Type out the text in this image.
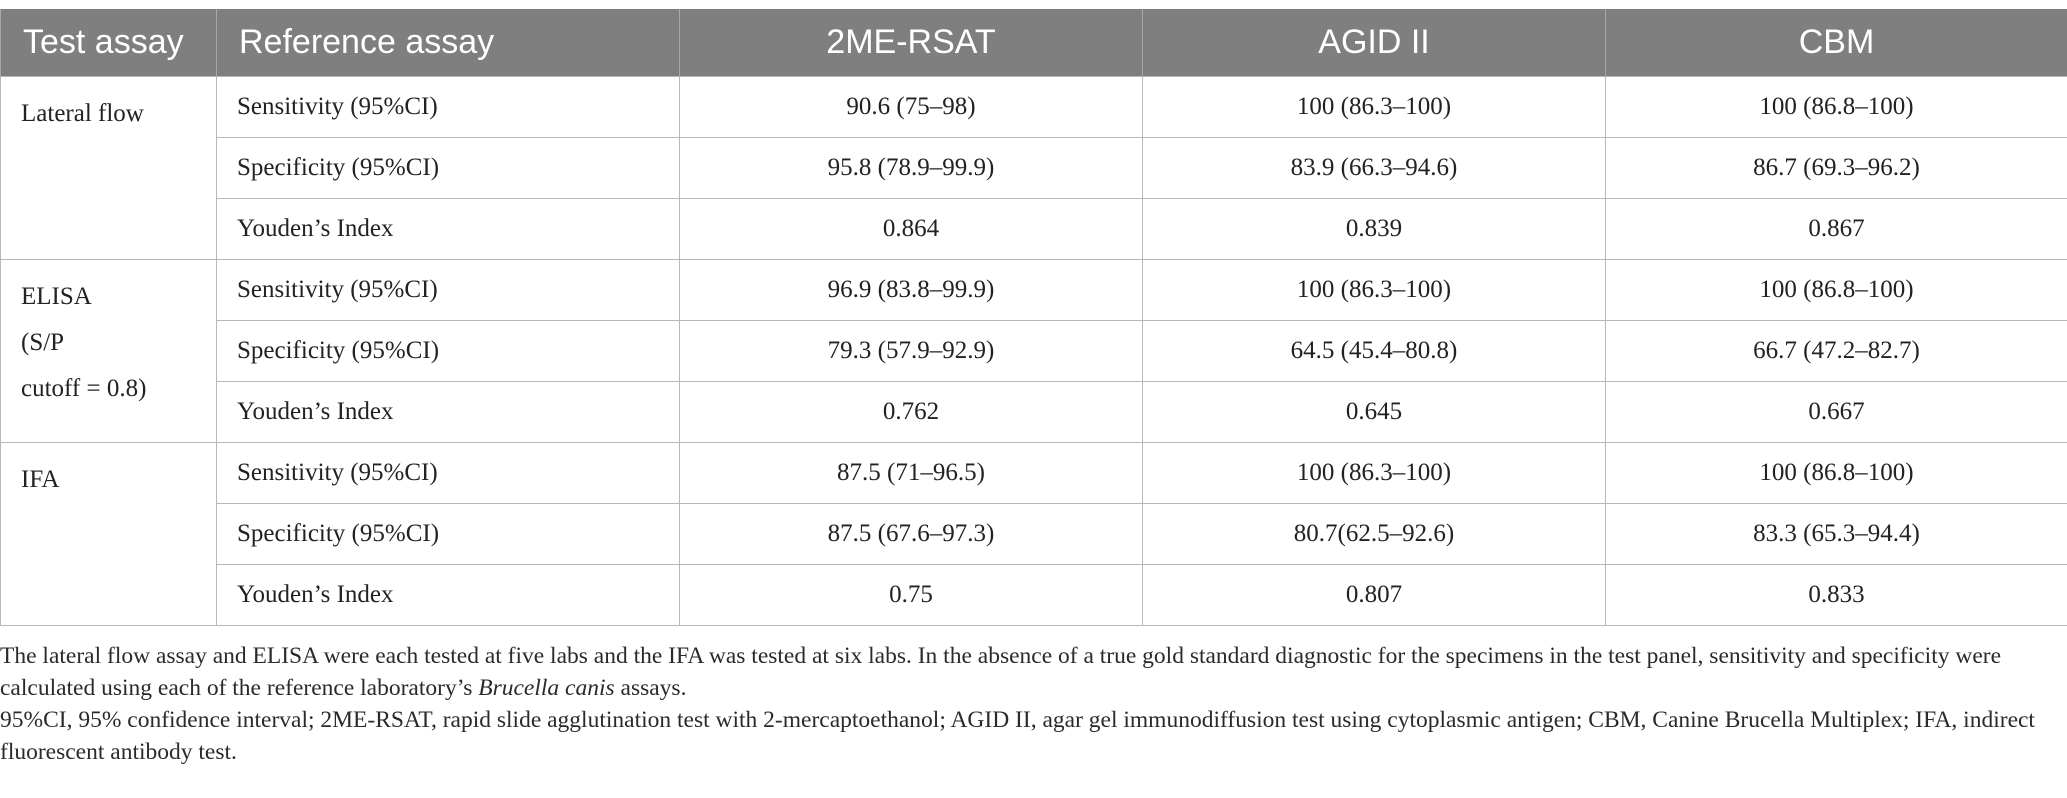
Test assay	Reference assay	2ME-RSAT	AGID II	CBM

Lateral flow	Sensitivity (95%CI)	90.6 (75–98)	100 (86.3–100)	100 (86.8–100)
	Specificity (95%CI)	95.8 (78.9–99.9)	83.9 (66.3–94.6)	86.7 (69.3–96.2)
	Youden’s Index	0.864	0.839	0.867

ELISA
(S/P
cutoff = 0.8)	Sensitivity (95%CI)	96.9 (83.8–99.9)	100 (86.3–100)	100 (86.8–100)
	Specificity (95%CI)	79.3 (57.9–92.9)	64.5 (45.4–80.8)	66.7 (47.2–82.7)
	Youden’s Index	0.762	0.645	0.667

IFA	Sensitivity (95%CI)	87.5 (71–96.5)	100 (86.3–100)	100 (86.8–100)
	Specificity (95%CI)	87.5 (67.6–97.3)	80.7(62.5–92.6)	83.3 (65.3–94.4)
	Youden’s Index	0.75	0.807	0.833

The lateral flow assay and ELISA were each tested at five labs and the IFA was tested at six labs. In the absence of a true gold standard diagnostic for the specimens in the test panel, sensitivity and specificity were calculated using each of the reference laboratory’s Brucella canis assays.

95%CI, 95% confidence interval; 2ME-RSAT, rapid slide agglutination test with 2-mercaptoethanol; AGID II, agar gel immunodiffusion test using cytoplasmic antigen; CBM, Canine Brucella Multiplex; IFA, indirect fluorescent antibody test.
